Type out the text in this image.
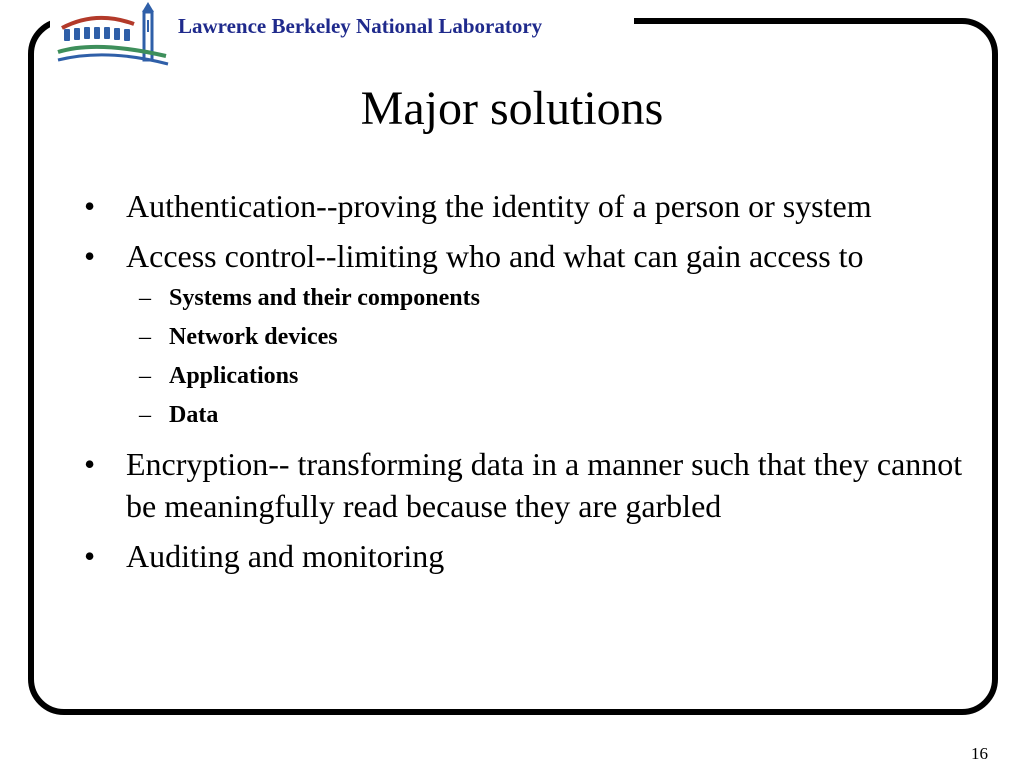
Lawrence Berkeley National Laboratory
Major solutions
• Authentication--proving the identity of a person or system
• Access control--limiting who and what can gain access to
– Systems and their components
– Network devices
– Applications
– Data
• Encryption-- transforming data in a manner such that they cannot be meaningfully read because they are garbled
• Auditing and monitoring
16
